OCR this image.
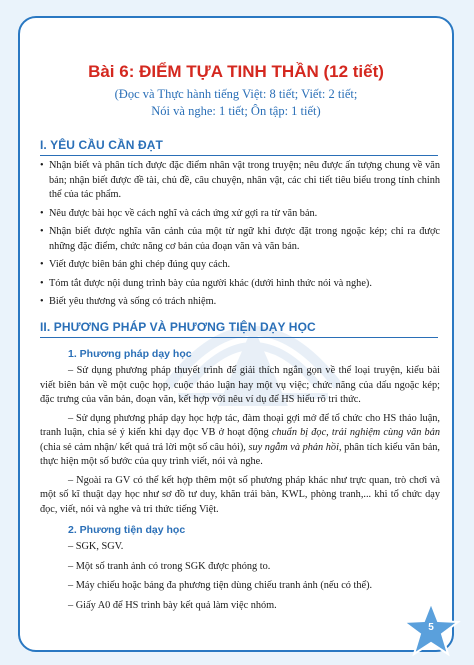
Bài 6: ĐIỂM TỰA TINH THẦN (12 tiết)
(Đọc và Thực hành tiếng Việt: 8 tiết; Viết: 2 tiết;
Nói và nghe: 1 tiết; Ôn tập: 1 tiết)
I. YÊU CẦU CẦN ĐẠT
• Nhận biết và phân tích được đặc điểm nhân vật trong truyện; nêu được ấn tượng chung về văn bản; nhận biết được đề tài, chủ đề, câu chuyện, nhân vật, các chi tiết tiêu biểu trong tính chỉnh thể của tác phẩm.
• Nêu được bài học về cách nghĩ và cách ứng xử gợi ra từ văn bản.
• Nhận biết được nghĩa văn cảnh của một từ ngữ khi được đặt trong ngoặc kép; chỉ ra được những đặc điểm, chức năng cơ bản của đoạn văn và văn bản.
• Viết được biên bản ghi chép đúng quy cách.
• Tóm tắt được nội dung trình bày của người khác (dưới hình thức nói và nghe).
• Biết yêu thương và sống có trách nhiệm.
II. PHƯƠNG PHÁP VÀ PHƯƠNG TIỆN DẠY HỌC
1. Phương pháp dạy học

– Sử dụng phương pháp thuyết trình để giải thích ngắn gọn về thể loại truyện, kiểu bài viết biên bản về một cuộc họp, cuộc thảo luận hay một vụ việc; chức năng của dấu ngoặc kép; đặc trưng của văn bản, đoạn văn, kết hợp với nêu ví dụ để HS hiểu rõ tri thức.

– Sử dụng phương pháp dạy học hợp tác, đàm thoại gợi mở để tổ chức cho HS thảo luận, tranh luận, chia sẻ ý kiến khi dạy đọc VB ở hoạt động chuẩn bị đọc, trải nghiệm cùng văn bản (chia sẻ cảm nhận/ kết quả trả lời một số câu hỏi), suy ngẫm và phản hồi, phân tích kiểu văn bản, thực hiện một số bước của quy trình viết, nói và nghe.

– Ngoài ra GV có thể kết hợp thêm một số phương pháp khác như trực quan, trò chơi và một số kĩ thuật dạy học như sơ đồ tư duy, khăn trải bàn, KWL, phòng tranh,... khi tổ chức dạy đọc, viết, nói và nghe và tri thức tiếng Việt.

2. Phương tiện dạy học
– SGK, SGV.
– Một số tranh ảnh có trong SGK được phóng to.
– Máy chiếu hoặc bảng đa phương tiện dùng chiếu tranh ảnh (nếu có thể).
– Giấy A0 để HS trình bày kết quả làm việc nhóm.
5
